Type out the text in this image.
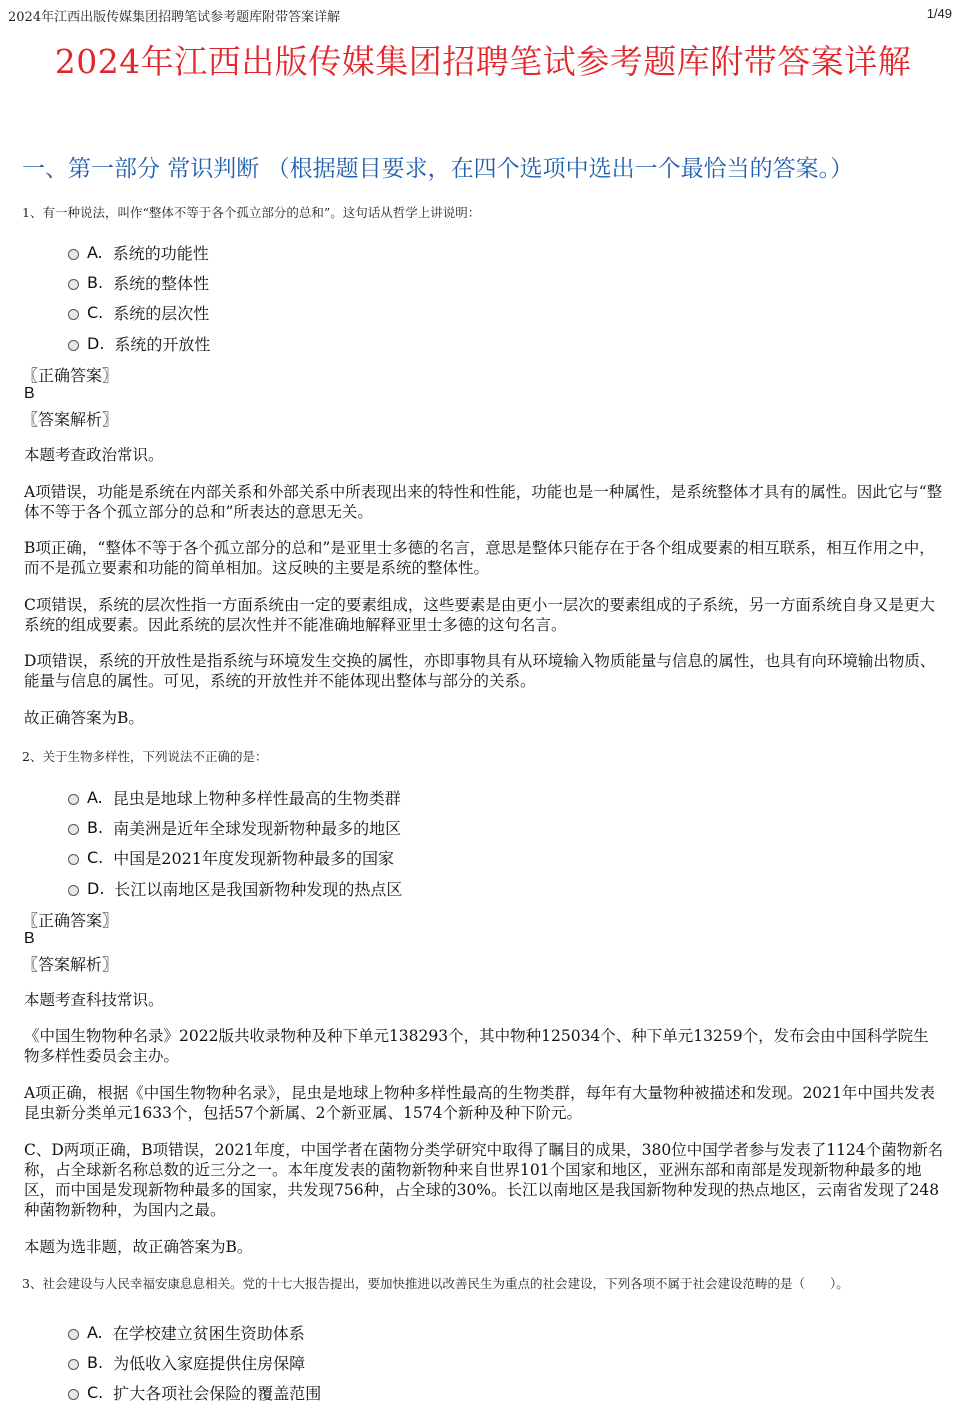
2024年江西出版传媒集团招聘笔试参考题库附带答案详解	1/49
2024年江西出版传媒集团招聘笔试参考题库附带答案详解
一、第一部分 常识判断 （根据题目要求，在四个选项中选出一个最恰当的答案。）
1、有一种说法，叫作“整体不等于各个孤立部分的总和”。这句话从哲学上讲说明：
A. 系统的功能性
B. 系统的整体性
C. 系统的层次性
D. 系统的开放性
〖正确答案〗
B
〖答案解析〗
本题考查政治常识。
A项错误，功能是系统在内部关系和外部关系中所表现出来的特性和性能，功能也是一种属性，是系统整体才具有的属性。因此它与“整体不等于各个孤立部分的总和”所表达的意思无关。
B项正确，“整体不等于各个孤立部分的总和”是亚里士多德的名言，意思是整体只能存在于各个组成要素的相互联系，相互作用之中，而不是孤立要素和功能的简单相加。这反映的主要是系统的整体性。
C项错误，系统的层次性指一方面系统由一定的要素组成，这些要素是由更小一层次的要素组成的子系统，另一方面系统自身又是更大系统的组成要素。因此系统的层次性并不能准确地解释亚里士多德的这句名言。
D项错误，系统的开放性是指系统与环境发生交换的属性，亦即事物具有从环境输入物质能量与信息的属性，也具有向环境输出物质、能量与信息的属性。可见，系统的开放性并不能体现出整体与部分的关系。
故正确答案为B。
2、关于生物多样性，下列说法不正确的是：
A. 昆虫是地球上物种多样性最高的生物类群
B. 南美洲是近年全球发现新物种最多的地区
C. 中国是2021年度发现新物种最多的国家
D. 长江以南地区是我国新物种发现的热点区
〖正确答案〗
B
〖答案解析〗
本题考查科技常识。
《中国生物物种名录》2022版共收录物种及种下单元138293个，其中物种125034个、种下单元13259个，发布会由中国科学院生物多样性委员会主办。
A项正确，根据《中国生物物种名录》，昆虫是地球上物种多样性最高的生物类群，每年有大量物种被描述和发现。2021年中国共发表昆虫新分类单元1633个，包括57个新属、2个新亚属、1574个新种及种下阶元。
C、D两项正确，B项错误，2021年度，中国学者在菌物分类学研究中取得了瞩目的成果，380位中国学者参与发表了1124个菌物新名称，占全球新名称总数的近三分之一。本年度发表的菌物新物种来自世界101个国家和地区，亚洲东部和南部是发现新物种最多的地区，而中国是发现新物种最多的国家，共发现756种，占全球的30%。长江以南地区是我国新物种发现的热点地区，云南省发现了248种菌物新物种，为国内之最。
本题为选非题，故正确答案为B。
3、社会建设与人民幸福安康息息相关。党的十七大报告提出，要加快推进以改善民生为重点的社会建设，下列各项不属于社会建设范畴的是（　　）。
A. 在学校建立贫困生资助体系
B. 为低收入家庭提供住房保障
C. 扩大各项社会保险的覆盖范围
